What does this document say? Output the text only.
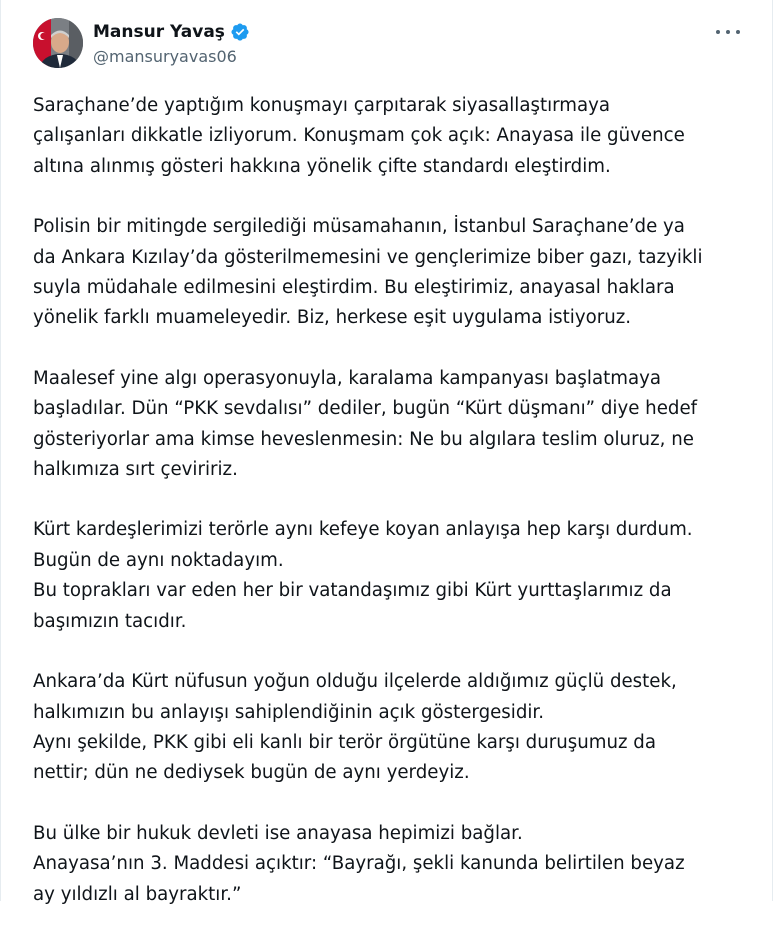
Mansur Yavaş
@mansuryavas06
Saraçhane’de yaptığım konuşmayı çarpıtarak siyasallaştırmaya
çalışanları dikkatle izliyorum. Konuşmam çok açık: Anayasa ile güvence
altına alınmış gösteri hakkına yönelik çifte standardı eleştirdim.
Polisin bir mitingde sergilediği müsamahanın, İstanbul Saraçhane’de ya
da Ankara Kızılay’da gösterilmemesini ve gençlerimize biber gazı, tazyikli
suyla müdahale edilmesini eleştirdim. Bu eleştirimiz, anayasal haklara
yönelik farklı muameleyedir. Biz, herkese eşit uygulama istiyoruz.
Maalesef yine algı operasyonuyla, karalama kampanyası başlatmaya
başladılar. Dün “PKK sevdalısı” dediler, bugün “Kürt düşmanı” diye hedef
gösteriyorlar ama kimse heveslenmesin: Ne bu algılara teslim oluruz, ne
halkımıza sırt çeviririz.
Kürt kardeşlerimizi terörle aynı kefeye koyan anlayışa hep karşı durdum.
Bugün de aynı noktadayım.
Bu toprakları var eden her bir vatandaşımız gibi Kürt yurttaşlarımız da
başımızın tacıdır.
Ankara’da Kürt nüfusun yoğun olduğu ilçelerde aldığımız güçlü destek,
halkımızın bu anlayışı sahiplendiğinin açık göstergesidir.
Aynı şekilde, PKK gibi eli kanlı bir terör örgütüne karşı duruşumuz da
nettir; dün ne dediysek bugün de aynı yerdeyiz.
Bu ülke bir hukuk devleti ise anayasa hepimizi bağlar.
Anayasa’nın 3. Maddesi açıktır: “Bayrağı, şekli kanunda belirtilen beyaz
ay yıldızlı al bayraktır.”
